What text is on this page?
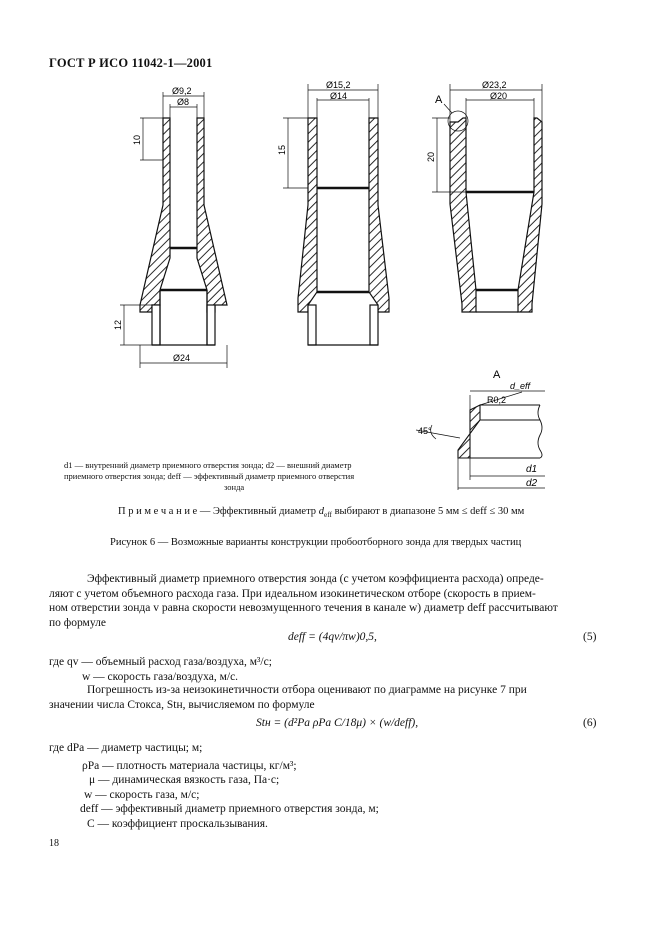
ГОСТ Р ИСО 11042-1—2001
Ø9,2
Ø8
10
12
Ø24
Ø15,2
Ø14
15
Ø23,2
Ø20
20
A
A
d_eff
R0,2
45°
d1
d2
d1 — внутренний диаметр приемного отверстия зонда; d2 — внешний диаметр
приемного отверстия зонда; deff — эффективный диаметр приемного отверстия
зонда
П р и м е ч а н и е — Эффективный диаметр $d_{eff}$ выбирают в диапазоне 5 мм ≤ deff ≤ 30 мм
Рисунок 6 — Возможные варианты конструкции пробоотборного зонда для твердых частиц
Эффективный диаметр приемного отверстия зонда (с учетом коэффициента расхода) опреде-
ляют с учетом объемного расхода газа. При идеальном изокинетическом отборе (скорость в прием-
ном отверстии зонда v равна скорости невозмущенного течения в канале w) диаметр deff рассчитывают
по формуле
deff = (4qv/πw)0,5,	(5)
где qv — объемный расход газа/воздуха, м³/с;
w — скорость газа/воздуха, м/с.
Погрешность из-за неизокинетичности отбора оценивают по диаграмме на рисунке 7 при
значении числа Стокса, Stн, вычисляемом по формуле
Stн = (d²Pa ρPa C/18μ) × (w/deff),	(6)
где dPa — диаметр частицы; м;
ρPa — плотность материала частицы, кг/м³;
μ — динамическая вязкость газа, Па·с;
w — скорость газа, м/с;
deff — эффективный диаметр приемного отверстия зонда, м;
C — коэффициент проскальзывания.
18
